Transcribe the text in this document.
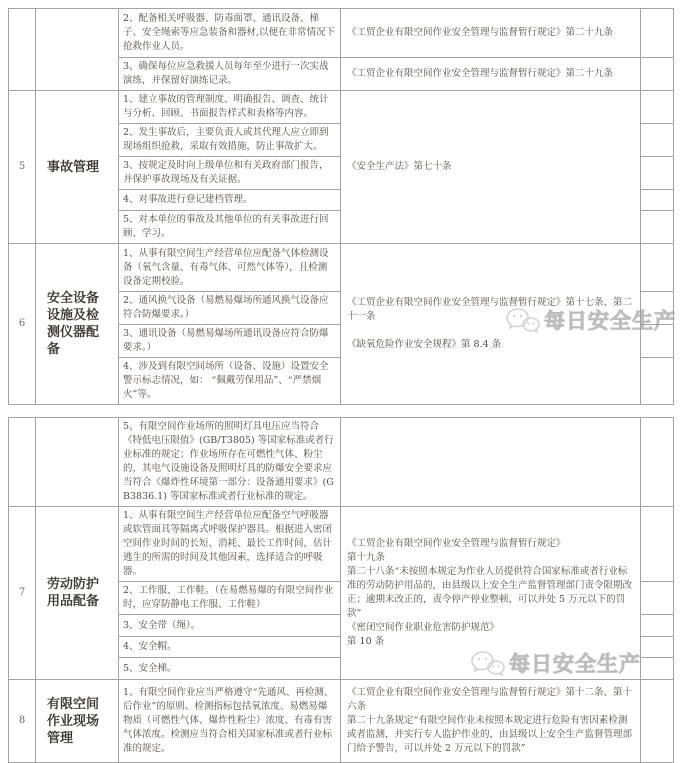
		2、配备相关呼吸器、防毒面罩、通讯设备、梯子、安全绳索等应急装备和器材,以便在非常情况下抢救作业人员。	《工贸企业有限空间作业安全管理与监督暂行规定》第二十九条	
		3、确保每位应急救援人员每年至少进行一次实战演练，并保留好演练记录。	《工贸企业有限空间作业安全管理与监督暂行规定》第二十九条	
5	事故管理	1、建立事故的管理制度、明确报告、调查、统计与分析、回顾、书面报告样式和表格等内容。	《安全生产法》第七十条	
		2、发生事故后，主要负责人或其代理人应立即到现场组织抢救，采取有效措施，防止事故扩大。		
		3、按规定及时向上级单位和有关政府部门报告，并保护事故现场及有关证据。		
		4、对事故进行登记建档管理。		
		5、对本单位的事故及其他单位的有关事故进行回顾、学习。		
6	安全设备设施及检测仪器配备	1、从事有限空间生产经营单位应配备气体检测设备（氧气含量、有毒气体、可然气体等），且检测设备定期校验。	《工贸企业有限空间作业安全管理与监督暂行规定》第十七条、第二十一条
《缺氧危险作业安全规程》第 8.4 条	

		2、通风换气设备（易燃易爆场所通风换气设备应符合防爆要求。）		
		3、通讯设备（易燃易爆场所通讯设备应符合防爆要求。）		
		4、涉及到有限空间场所（设备、设施）设置安全警示标志情况，如： “佩戴劳保用品”、“严禁烟火”等。		
		5、有限空间作业场所的照明灯具电压应当符合《特低电压限值》(GB/T3805) 等国家标准或者行业标准的规定；作业场所存在可燃性气体、粉尘的，其电气设施设备及照明灯具的防爆安全要求应当符合《爆炸性环境第一部分：设备通用要求》(GB3836.1) 等国家标准或者行业标准的规定。		
7	劳动防护用品配备	1、从事有限空间生产经营单位应配备空气呼吸器或软管面具等隔离式呼吸保护器具。根据进入密闭空间作业时间的长短、消耗、最长工作时间，估计逃生的所需的时间及其他因素，选择适合的呼吸器。	《工贸企业有限空间作业安全管理与监督暂行规定》
第十九条
第二十八条“未按照本规定为作业人员提供符合国家标准或者行业标准的劳动防护用品的，由县级以上安全生产监督管理部门责令限期改正；逾期未改正的，责令停产停业整顿，可以并处 5 万元以下的罚款”
《密闭空间作业职业危害防护规范》
第 10 条	

		2、工作服、工作鞋。（在易燃易爆的有限空间作业时，应穿防静电工作服、工作鞋）		
		3、安全带（绳）。		
		4、安全帽。		
		5、安全梯。		
8	有限空间作业现场管理	1、有限空间作业应当严格遵守“先通风、再检测、后作业”的原则。检测指标包括氧浓度、易燃易爆物质（可燃性气体、爆炸性粉尘）浓度、有毒有害气体浓度。检测应当符合相关国家标准或者行业标准的规定。	《工贸企业有限空间作业安全管理与监督暂行规定》第十二条、第十六条
第二十九条规定“有限空间作业未按照本规定进行危险有害因素检测或者监测，并实行专人监护作业的，由县级以上安全生产监督管理部门给予警告，可以并处 2 万元以下的罚款”	

每日安全生产
每日安全生产
